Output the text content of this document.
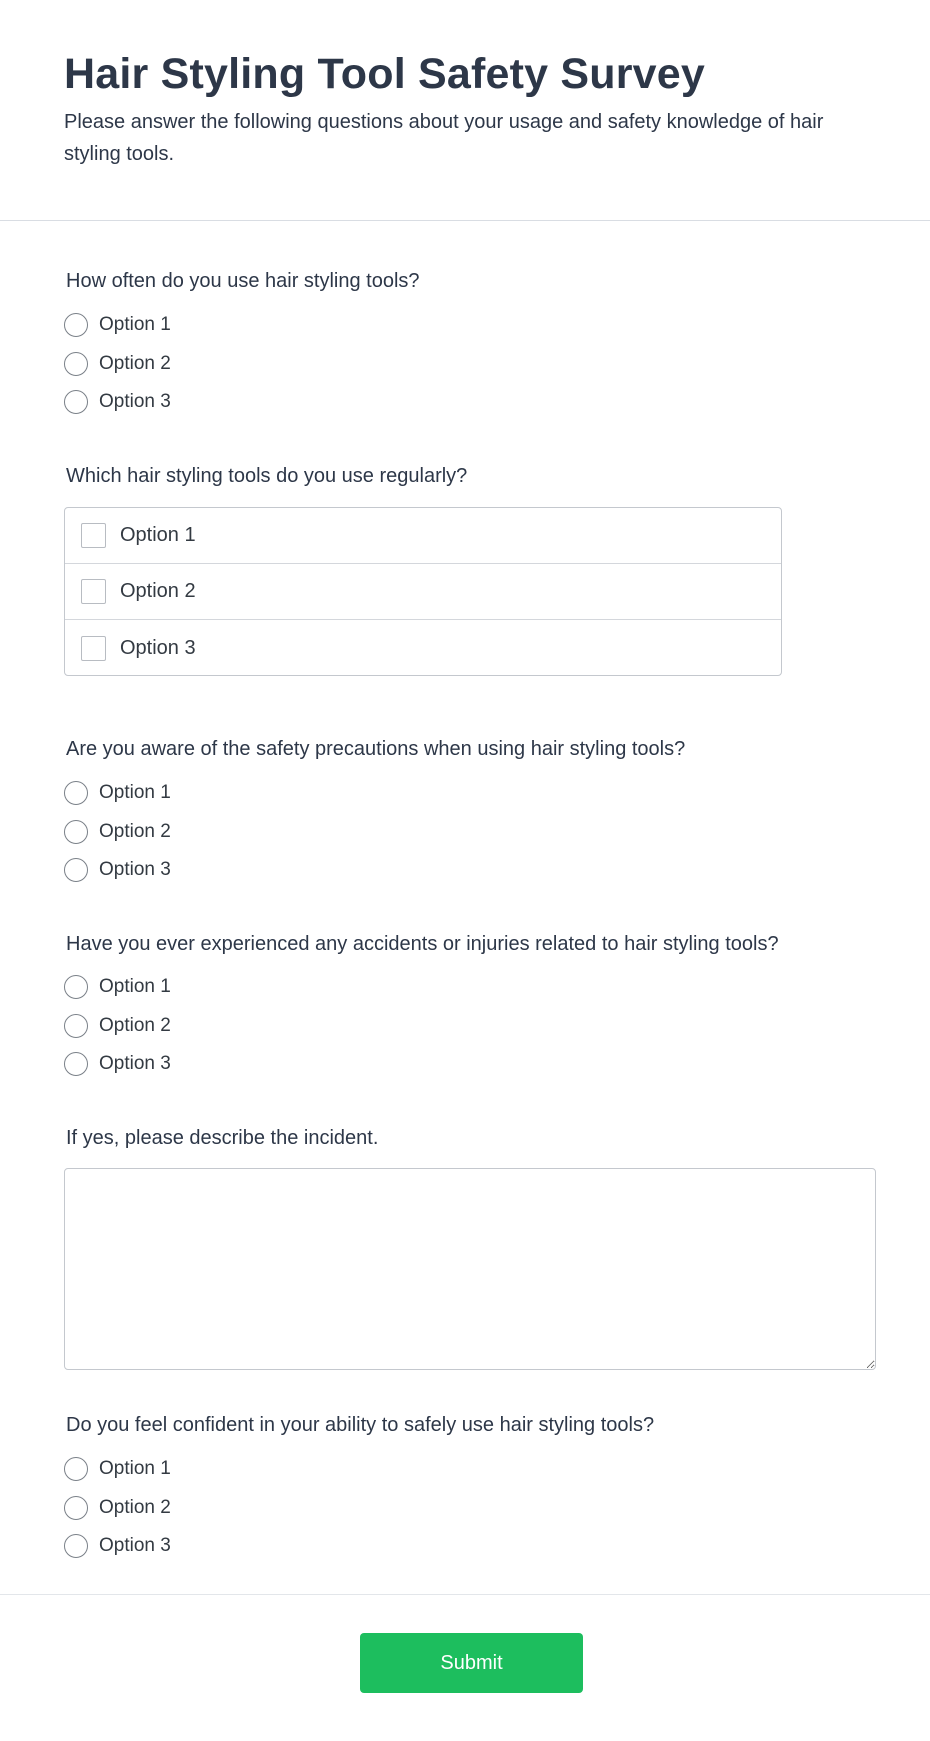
Hair Styling Tool Safety Survey

Please answer the following questions about your usage and safety knowledge of hair styling tools.

How often do you use hair styling tools?
Option 1
Option 2
Option 3
Which hair styling tools do you use regularly?
Option 1
Option 2
Option 3
Are you aware of the safety precautions when using hair styling tools?
Option 1
Option 2
Option 3
Have you ever experienced any accidents or injuries related to hair styling tools?
Option 1
Option 2
Option 3
If yes, please describe the incident.
Do you feel confident in your ability to safely use hair styling tools?
Option 1
Option 2
Option 3
Submit
